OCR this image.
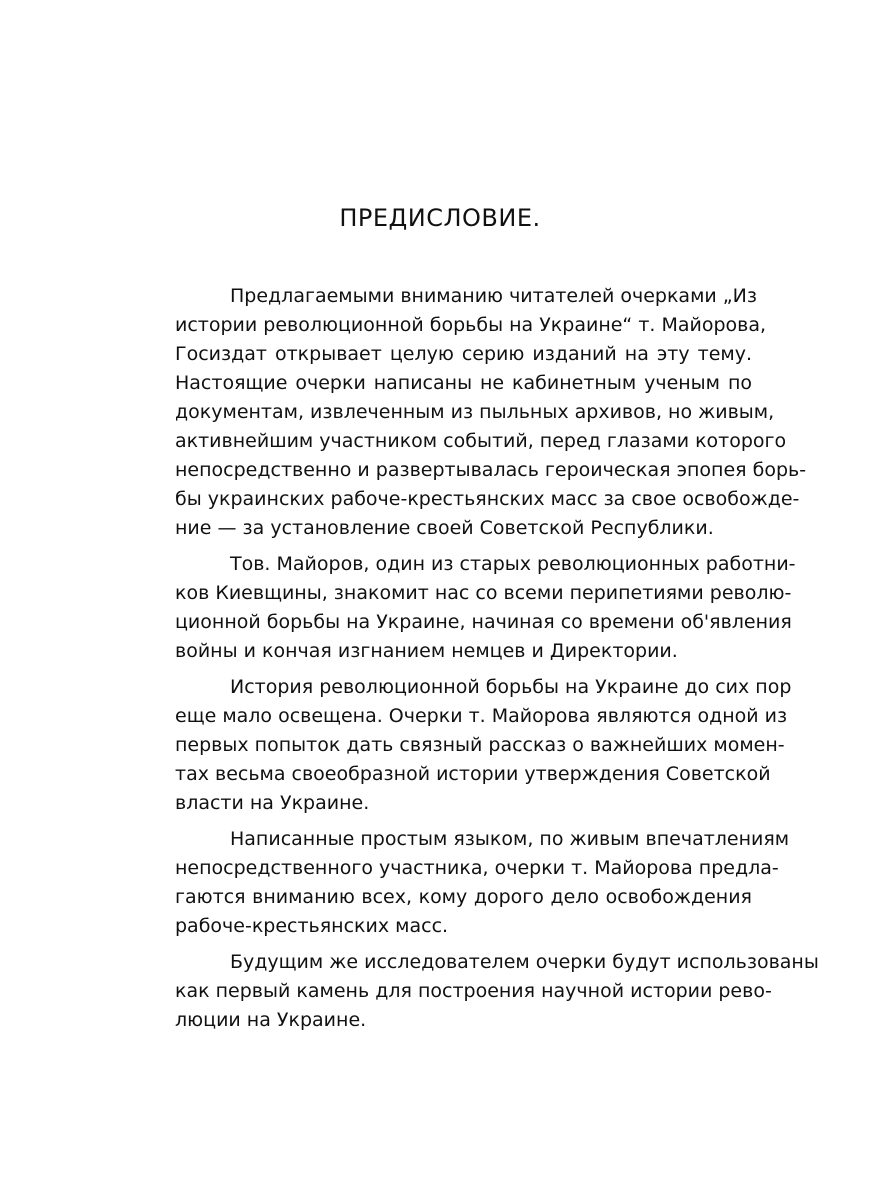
ПРЕДИСЛОВИЕ.

Предлагаемыми вниманию читателей очерками „Из
истории революционной борьбы на Украине“ т. Майорова,
Госиздат открывает целую серию изданий на эту тему.
Настоящие очерки написаны не кабинетным ученым по
документам, извлеченным из пыльных архивов, но живым,
активнейшим участником событий, перед глазами которого
непосредственно и развертывалась героическая эпопея борь-
бы украинских рабоче-крестьянских масс за свое освобожде-
ние — за установление своей Советской Республики.

Тов. Майоров, один из старых революционных работни-
ков Киевщины, знакомит нас со всеми перипетиями револю-
ционной борьбы на Украине, начиная со времени об'явления
войны и кончая изгнанием немцев и Директории.

История революционной борьбы на Украине до сих пор
еще мало освещена. Очерки т. Майорова являются одной из
первых попыток дать связный рассказ о важнейших момен-
тах весьма своеобразной истории утверждения Советской
власти на Украине.

Написанные простым языком, по живым впечатлениям
непосредственного участника, очерки т. Майорова предла-
гаются вниманию всех, кому дорого дело освобождения
рабоче-крестьянских масс.

Будущим же исследователем очерки будут использованы
как первый камень для построения научной истории рево-
люции на Украине.
